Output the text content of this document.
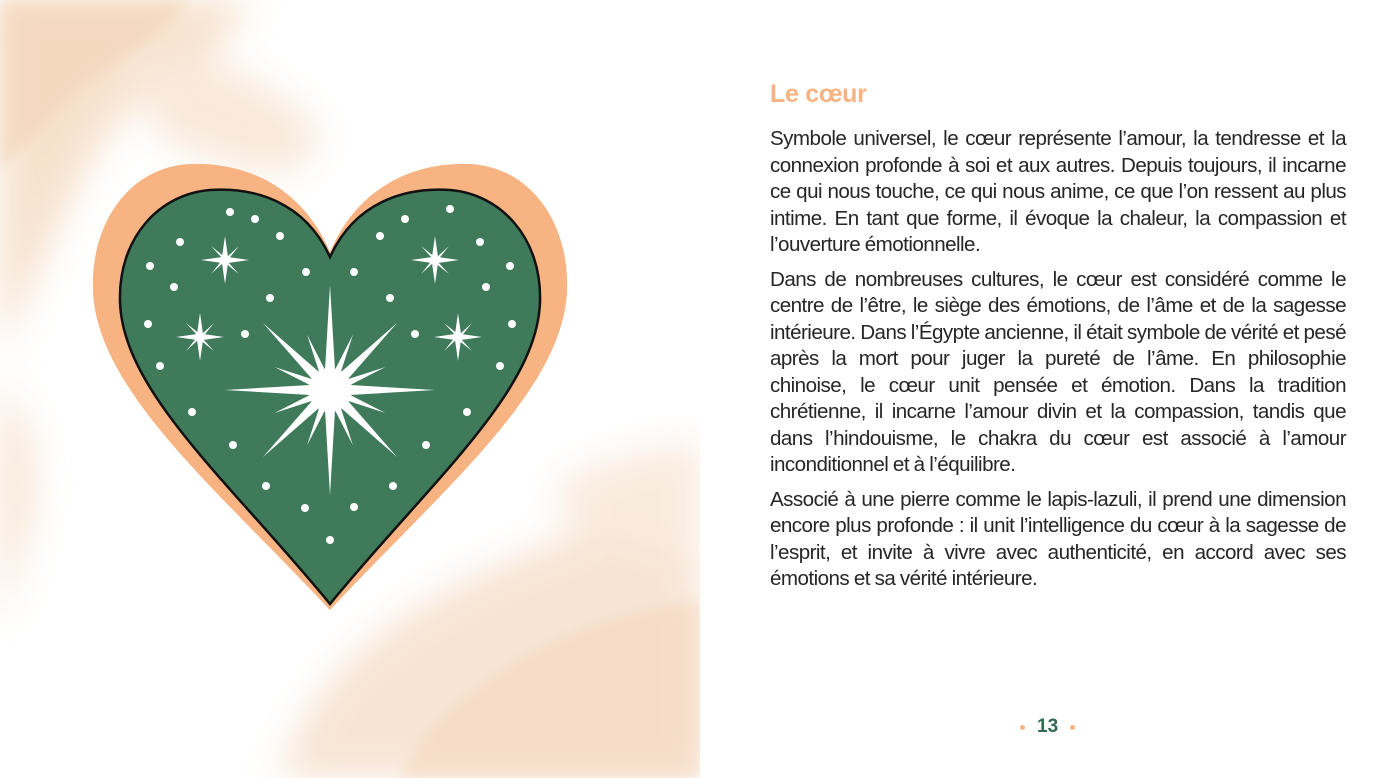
Le cœur

Symbole universel, le cœur représente l’amour, la tendresse et la connexion profonde à soi et aux autres. Depuis toujours, il incarne ce qui nous touche, ce qui nous anime, ce que l’on ressent au plus intime. En tant que forme, il évoque la chaleur, la compassion et l’ouverture émotionnelle.

Dans de nombreuses cultures, le cœur est considéré comme le centre de l’être, le siège des émotions, de l’âme et de la sagesse intérieure. Dans l’Égypte ancienne, il était symbole de vérité et pesé après la mort pour juger la pureté de l’âme. En philosophie chinoise, le cœur unit pensée et émotion. Dans la tradition chrétienne, il incarne l’amour divin et la compassion, tandis que dans l’hindouisme, le chakra du cœur est associé à l’amour inconditionnel et à l’équilibre.

Associé à une pierre comme le lapis-lazuli, il prend une dimension encore plus profonde : il unit l’intelligence du cœur à la sagesse de l’esprit, et invite à vivre avec authenticité, en accord avec ses émotions et sa vérité intérieure.

13
